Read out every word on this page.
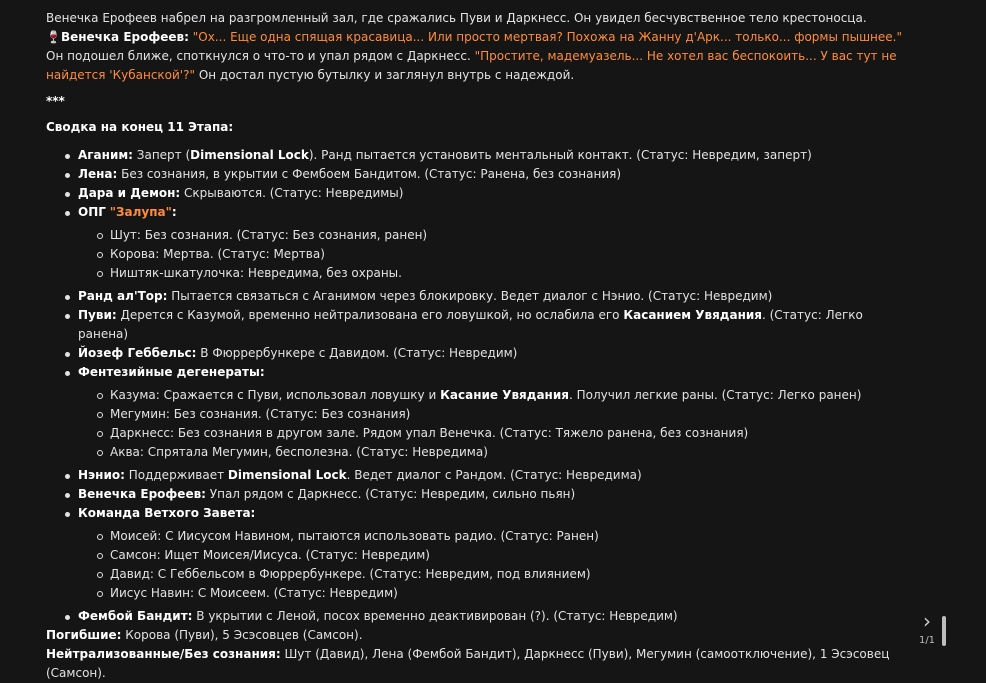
Венечка Ерофеев набрел на разгромленный зал, где сражались Пуви и Даркнесс. Он увидел бесчувственное тело крестоносца.

🍷Венечка Ерофеев: "Ох... Еще одна спящая красавица... Или просто мертвая? Похожа на Жанну д'Арк... только... формы пышнее." Он подошел ближе, споткнулся о что-то и упал рядом с Даркнесс. "Простите, мадемуазель... Не хотел вас беспокоить... У вас тут не найдется 'Кубанской'?" Он достал пустую бутылку и заглянул внутрь с надеждой.

***

Сводка на конец 11 Этапа:

Аганим: Заперт (Dimensional Lock). Ранд пытается установить ментальный контакт. (Статус: Невредим, заперт)
Лена: Без сознания, в укрытии с Фембоем Бандитом. (Статус: Ранена, без сознания)
Дара и Демон: Скрываются. (Статус: Невредимы)
ОПГ "Залупа":
Шут: Без сознания. (Статус: Без сознания, ранен)
Корова: Мертва. (Статус: Мертва)
Ништяк-шкатулочка: Невредима, без охраны.
Ранд ал'Тор: Пытается связаться с Аганимом через блокировку. Ведет диалог с Нэнио. (Статус: Невредим)
Пуви: Дерется с Казумой, временно нейтрализована его ловушкой, но ослабила его Касанием Увядания. (Статус: Легко ранена)
Йозеф Геббельс: В Фюррербункере с Давидом. (Статус: Невредим)
Фентезийные дегенераты:
Казума: Сражается с Пуви, использовал ловушку и Касание Увядания. Получил легкие раны. (Статус: Легко ранен)
Мегумин: Без сознания. (Статус: Без сознания)
Даркнесс: Без сознания в другом зале. Рядом упал Венечка. (Статус: Тяжело ранена, без сознания)
Аква: Спрятала Мегумин, бесполезна. (Статус: Невредима)
Нэнио: Поддерживает Dimensional Lock. Ведет диалог с Рандом. (Статус: Невредима)
Венечка Ерофеев: Упал рядом с Даркнесс. (Статус: Невредим, сильно пьян)
Команда Ветхого Завета:
Моисей: С Иисусом Навином, пытаются использовать радио. (Статус: Ранен)
Самсон: Ищет Моисея/Иисуса. (Статус: Невредим)
Давид: С Геббельсом в Фюррербункере. (Статус: Невредим, под влиянием)
Иисус Навин: С Моисеем. (Статус: Невредим)
Фембой Бандит: В укрытии с Леной, посох временно деактивирован (?). (Статус: Невредим)

Погибшие: Корова (Пуви), 5 Эсэсовцев (Самсон).

Нейтрализованные/Без сознания: Шут (Давид), Лена (Фембой Бандит), Даркнесс (Пуви), Мегумин (самоотключение), 1 Эсэсовец (Самсон).

›
1/1
